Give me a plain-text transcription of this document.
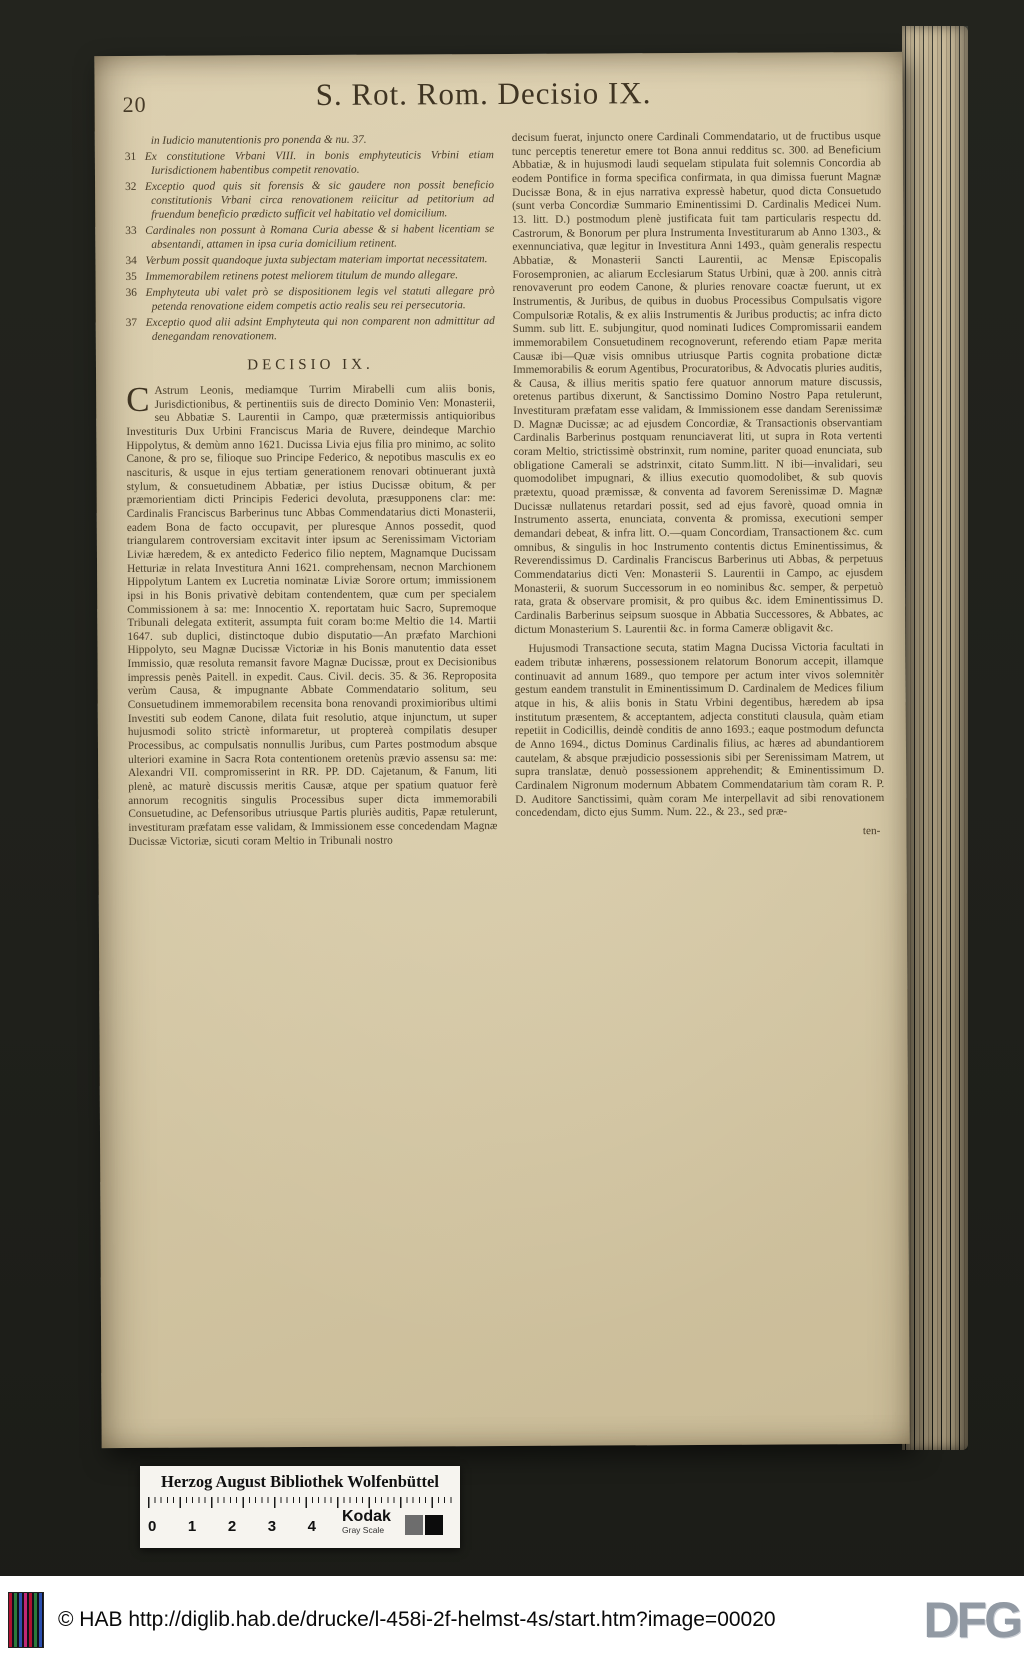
20	S. Rot. Rom. Decisio IX.

in Iudicio manutentionis pro ponenda & nu. 37.

31 Ex constitutione Vrbani VIII. in bonis emphyteuticis Vrbini etiam Iurisdictionem habentibus competit renovatio.

32 Exceptio quod quis sit forensis & sic gaudere non possit beneficio constitutionis Vrbani circa renovationem reiicitur ad petitorium ad fruendum beneficio prædicto sufficit vel habitatio vel domicilium.

33 Cardinales non possunt à Romana Curia abesse & si habent licentiam se absentandi, attamen in ipsa curia domicilium retinent.

34 Verbum possit quandoque juxta subjectam materiam importat necessitatem.

35 Immemorabilem retinens potest meliorem titulum de mundo allegare.

36 Emphyteuta ubi valet prò se dispositionem legis vel statuti allegare prò petenda renovatione eidem competis actio realis seu rei persecutoria.

37 Exceptio quod alii adsint Emphyteuta qui non comparent non admittitur ad denegandam renovationem.

DECISIO IX.

C Astrum Leonis, mediamque Turrim Mirabelli cum aliis bonis, Jurisdictionibus, & pertinentiis suis de directo Dominio Ven: Monasterii, seu Abbatiæ S. Laurentii in Campo, quæ prætermissis antiquioribus Investituris Dux Urbini Franciscus Maria de Ruvere, deindeque Marchio Hippolytus, & demùm anno 1621. Ducissa Livia ejus filia pro minimo, ac solito Canone, & pro se, filioque suo Principe Federico, & nepotibus masculis ex eo nascituris, & usque in ejus tertiam generationem renovari obtinuerant juxtà stylum, & consuetudinem Abbatiæ, per istius Ducissæ obitum, & per præmorientiam dicti Principis Federici devoluta, præsupponens clar: me: Cardinalis Franciscus Barberinus tunc Abbas Commendatarius dicti Monasterii, eadem Bona de facto occupavit, per pluresque Annos possedit, quod triangularem controversiam excitavit inter ipsum ac Serenissimam Victoriam Liviæ hæredem, & ex antedicto Federico filio neptem, Magnamque Ducissam Hetturiæ in relata Investitura Anni 1621. comprehensam, necnon Marchionem Hippolytum Lantem ex Lucretia nominatæ Liviæ Sorore ortum; immissionem ipsi in his Bonis privativè debitam contendentem, quæ cum per specialem Commissionem à sa: me: Innocentio X. reportatam huic Sacro, Supremoque Tribunali delegata extiterit, assumpta fuit coram bo:me Meltio die 14. Martii 1647. sub duplici, distinctoque dubio disputatio—An præfato Marchioni Hippolyto, seu Magnæ Ducissæ Victoriæ in his Bonis manutentio data esset Immissio, quæ resoluta remansit favore Magnæ Ducissæ, prout ex Decisionibus impressis penès Paitell. in expedit. Caus. Civil. decis. 35. & 36. Reproposita verùm Causa, & impugnante Abbate Commendatario solitum, seu Consuetudinem immemorabilem recensita bona renovandi proximioribus ultimi Investiti sub eodem Canone, dilata fuit resolutio, atque injunctum, ut super hujusmodi solito strictè informaretur, ut proptereà compilatis desuper Processibus, ac compulsatis nonnullis Juribus, cum Partes postmodum absque ulteriori examine in Sacra Rota contentionem oretenùs prævio assensu sa: me: Alexandri VII. compromisserint in RR. PP. DD. Cajetanum, & Fanum, liti plenè, ac maturè discussis meritis Causæ, atque per spatium quatuor ferè annorum recognitis singulis Processibus super dicta immemorabili Consuetudine, ac Defensoribus utriusque Partis pluriès auditis, Papæ retulerunt, investituram præfatam esse validam, & Immissionem esse concedendam Magnæ Ducissæ Victoriæ, sicuti coram Meltio in Tribunali nostro

decisum fuerat, injuncto onere Cardinali Commendatario, ut de fructibus usque tunc perceptis teneretur emere tot Bona annui redditus sc. 300. ad Beneficium Abbatiæ, & in hujusmodi laudi sequelam stipulata fuit solemnis Concordia ab eodem Pontifice in forma specifica confirmata, in qua dimissa fuerunt Magnæ Ducissæ Bona, & in ejus narrativa expressè habetur, quod dicta Consuetudo (sunt verba Concordiæ Summario Eminentissimi D. Cardinalis Medicei Num. 13. litt. D.) postmodum plenè justificata fuit tam particularis respectu dd. Castrorum, & Bonorum per plura Instrumenta Investiturarum ab Anno 1303., & exennunciativa, quæ legitur in Investitura Anni 1493., quàm generalis respectu Abbatiæ, & Monasterii Sancti Laurentii, ac Mensæ Episcopalis Forosempronien, ac aliarum Ecclesiarum Status Urbini, quæ à 200. annis citrà renovaverunt pro eodem Canone, & pluries renovare coactæ fuerunt, ut ex Instrumentis, & Juribus, de quibus in duobus Processibus Compulsatis vigore Compulsoriæ Rotalis, & ex aliis Instrumentis & Juribus productis; ac infra dicto Summ. sub litt. E. subjungitur, quod nominati Iudices Compromissarii eandem immemorabilem Consuetudinem recognoverunt, referendo etiam Papæ merita Causæ ibi—Quæ visis omnibus utriusque Partis cognita probatione dictæ Immemorabilis & eorum Agentibus, Procuratoribus, & Advocatis pluries auditis, & Causa, & illius meritis spatio fere quatuor annorum mature discussis, oretenus partibus dixerunt, & Sanctissimo Domino Nostro Papa retulerunt, Investituram præfatam esse validam, & Immissionem esse dandam Serenissimæ D. Magnæ Ducissæ; ac ad ejusdem Concordiæ, & Transactionis observantiam Cardinalis Barberinus postquam renunciaverat liti, ut supra in Rota vertenti coram Meltio, strictissimè obstrinxit, rum nomine, pariter quoad enunciata, sub obligatione Camerali se adstrinxit, citato Summ.litt. N ibi—invalidari, seu quomodolibet impugnari, & illius executio quomodolibet, & sub quovis prætextu, quoad præmissæ, & conventa ad favorem Serenissimæ D. Magnæ Ducissæ nullatenus retardari possit, sed ad ejus favorè, quoad omnia in Instrumento asserta, enunciata, conventa & promissa, executioni semper demandari debeat, & infra litt. O.—quam Concordiam, Transactionem &c. cum omnibus, & singulis in hoc Instrumento contentis dictus Eminentissimus, & Reverendissimus D. Cardinalis Franciscus Barberinus uti Abbas, & perpetuus Commendatarius dicti Ven: Monasterii S. Laurentii in Campo, ac ejusdem Monasterii, & suorum Successorum in eo nominibus &c. semper, & perpetuò rata, grata & observare promisit, & pro quibus &c. idem Eminentissimus D. Cardinalis Barberinus seipsum suosque in Abbatia Successores, & Abbates, ac dictum Monasterium S. Laurentii &c. in forma Cameræ obligavit &c.

Hujusmodi Transactione secuta, statim Magna Ducissa Victoria facultati in eadem tributæ inhærens, possessionem relatorum Bonorum accepit, illamque continuavit ad annum 1689., quo tempore per actum inter vivos solemnitèr gestum eandem transtulit in Eminentissimum D. Cardinalem de Medices filium atque in his, & aliis bonis in Statu Vrbini degentibus, hæredem ab ipsa institutum præsentem, & acceptantem, adjecta constituti clausula, quàm etiam repetiit in Codicillis, deindè conditis de anno 1693.; eaque postmodum defuncta de Anno 1694., dictus Dominus Cardinalis filius, ac hæres ad abundantiorem cautelam, & absque præjudicio possessionis sibi per Serenissimam Matrem, ut supra translatæ, denuò possessionem apprehendit; & Eminentissimum D. Cardinalem Nigronum modernum Abbatem Commendatarium tàm coram R. P. D. Auditore Sanctissimi, quàm coram Me interpellavit ad sibi renovationem concedendam, dicto ejus Summ. Num. 22., & 23., sed præ-

ten-

Herzog August Bibliothek Wolfenbüttel
0 1 2 3 4
Kodak
Gray Scale
© HAB http://diglib.hab.de/drucke/l-458i-2f-helmst-4s/start.htm?image=00020	DFG
